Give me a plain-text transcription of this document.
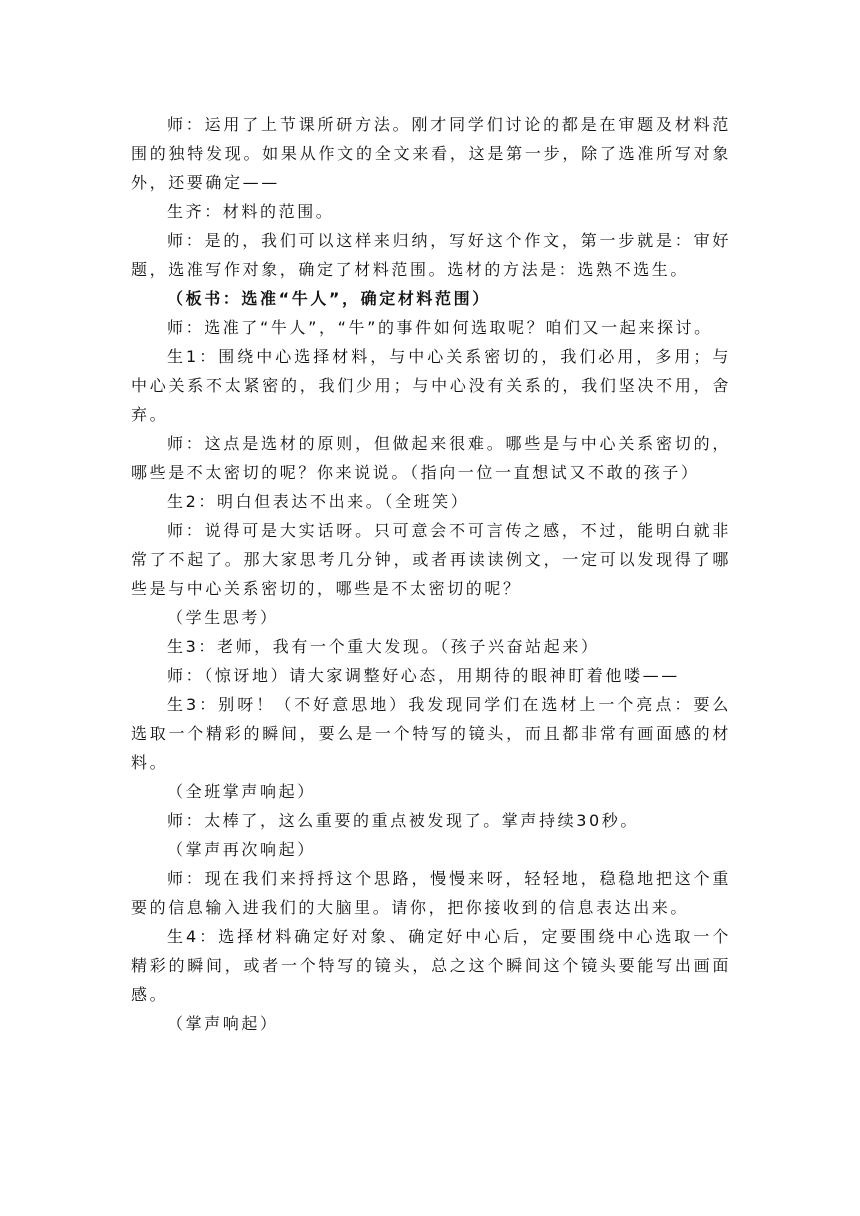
师：运用了上节课所研方法。刚才同学们讨论的都是在审题及材料范围的独特发现。如果从作文的全文来看，这是第一步，除了选准所写对象外，还要确定——

生齐：材料的范围。

师：是的，我们可以这样来归纳，写好这个作文，第一步就是：审好题，选准写作对象，确定了材料范围。选材的方法是：选熟不选生。

（板书：选准“牛人”，确定材料范围）

师：选准了“牛人”，“牛”的事件如何选取呢？咱们又一起来探讨。

生1：围绕中心选择材料，与中心关系密切的，我们必用，多用；与中心关系不太紧密的，我们少用；与中心没有关系的，我们坚决不用，舍弃。

师：这点是选材的原则，但做起来很难。哪些是与中心关系密切的，哪些是不太密切的呢？你来说说。（指向一位一直想试又不敢的孩子）

生2：明白但表达不出来。（全班笑）

师：说得可是大实话呀。只可意会不可言传之感，不过，能明白就非常了不起了。那大家思考几分钟，或者再读读例文，一定可以发现得了哪些是与中心关系密切的，哪些是不太密切的呢？

（学生思考）

生3：老师，我有一个重大发现。（孩子兴奋站起来）

师：（惊讶地）请大家调整好心态，用期待的眼神盯着他喽——

生3：别呀！（不好意思地）我发现同学们在选材上一个亮点：要么选取一个精彩的瞬间，要么是一个特写的镜头，而且都非常有画面感的材料。

（全班掌声响起）

师：太棒了，这么重要的重点被发现了。掌声持续30秒。

（掌声再次响起）

师：现在我们来捋捋这个思路，慢慢来呀，轻轻地，稳稳地把这个重要的信息输入进我们的大脑里。请你，把你接收到的信息表达出来。

生4：选择材料确定好对象、确定好中心后，定要围绕中心选取一个精彩的瞬间，或者一个特写的镜头，总之这个瞬间这个镜头要能写出画面感。

（掌声响起）
